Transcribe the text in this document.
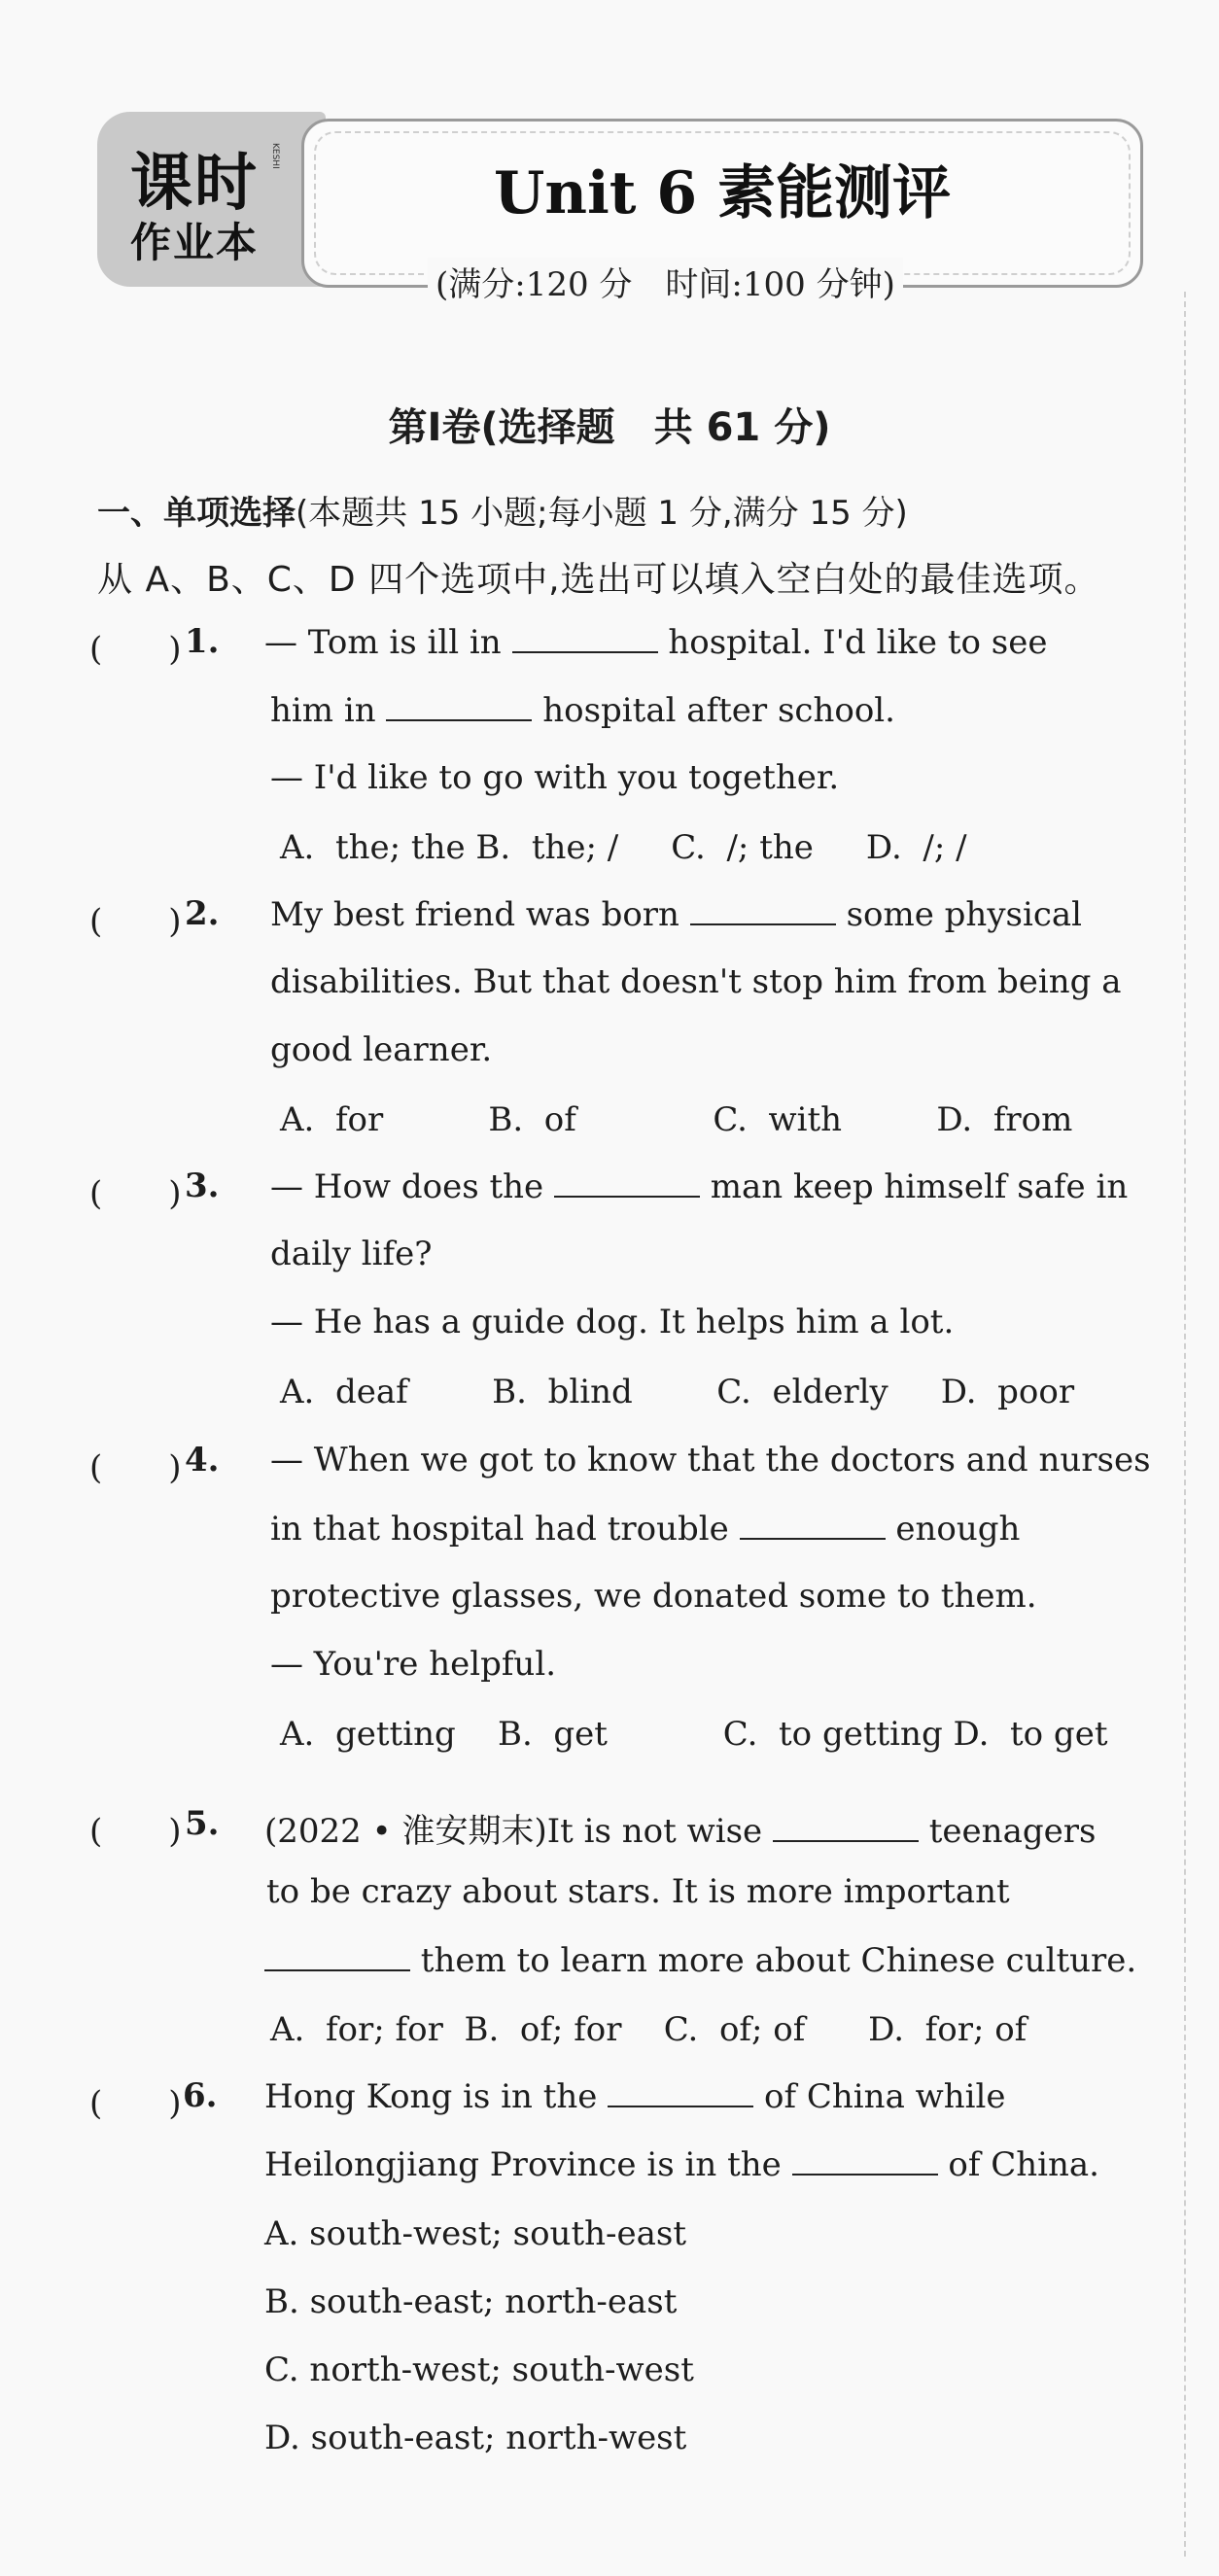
课时 KESHI
作业本
Unit 6 素能测评
(满分:120 分　时间:100 分钟)
第Ⅰ卷(选择题　共 61 分)
一、单项选择(本题共 15 小题;每小题 1 分,满分 15 分)
从 A、B、C、D 四个选项中,选出可以填入空白处的最佳选项。
(　　) 1. — Tom is ill in	hospital. I'd like to see
him in	hospital after school.
— I'd like to go with you together.
A.  the; the B.  the; /     C.  /; the     D.  /; /
(　　) 2. My best friend was born	some physical
disabilities. But that doesn't stop him from being a
good learner.
A.  for          B.  of             C.  with         D.  from
(　　) 3. — How does the	man keep himself safe in
daily life?
— He has a guide dog. It helps him a lot.
A.  deaf        B.  blind        C.  elderly     D.  poor
(　　) 4. — When we got to know that the doctors and nurses
in that hospital had trouble	enough
protective glasses, we donated some to them.
— You're helpful.
A.  getting    B.  get           C.  to getting D.  to get
(　　) 5. (2022 • 淮安期末)It is not wise	teenagers
to be crazy about stars. It is more important
them to learn more about Chinese culture.
A.  for; for  B.  of; for    C.  of; of      D.  for; of
(　　) 6. Hong Kong is in the	of China while
Heilongjiang Province is in the	of China.
A. south-west; south-east
B. south-east; north-east
C. north-west; south-west
D. south-east; north-west
